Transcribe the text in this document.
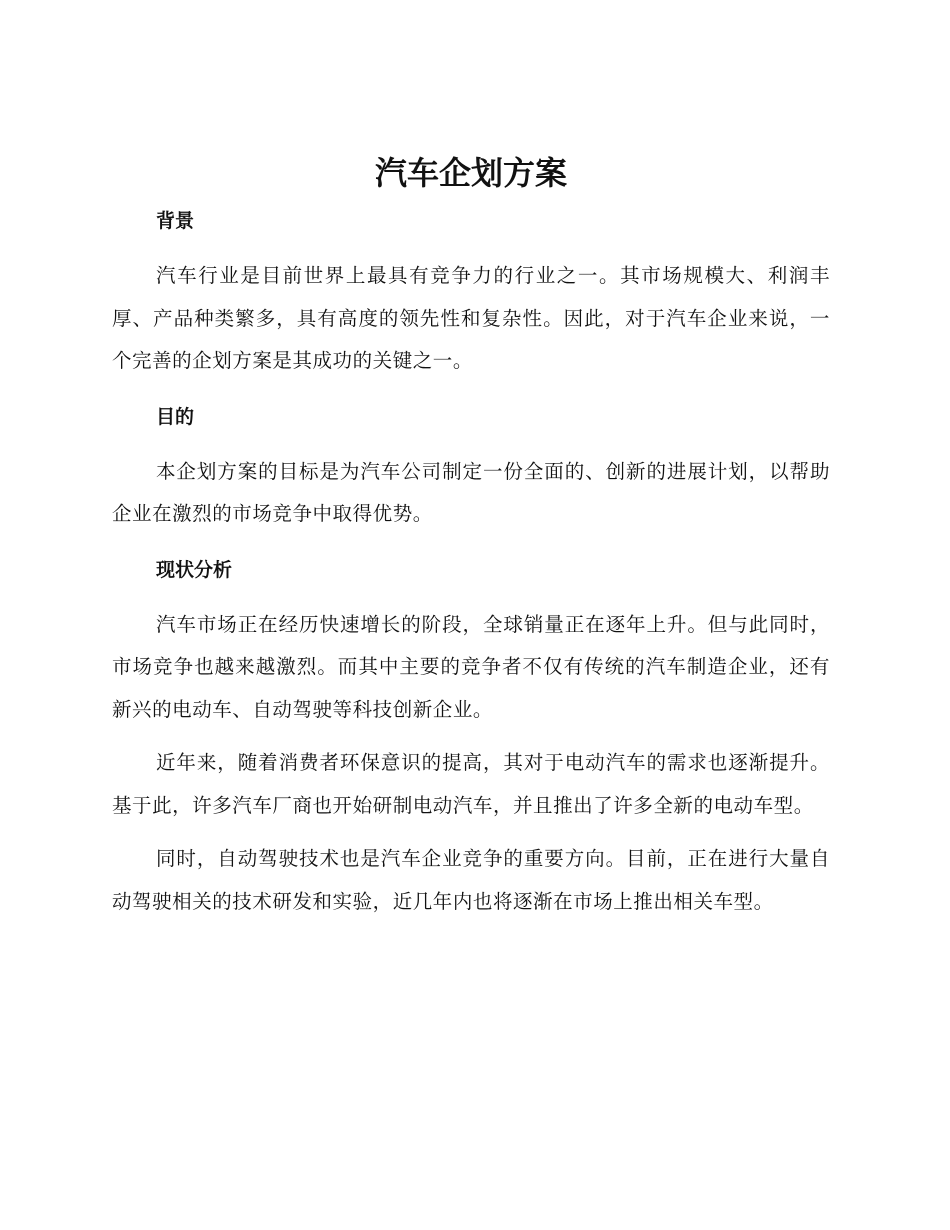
汽车企划方案
背景

汽车行业是目前世界上最具有竞争力的行业之一。其市场规模大、利润丰厚、产品种类繁多，具有高度的领先性和复杂性。因此，对于汽车企业来说，一个完善的企划方案是其成功的关键之一。

目的

本企划方案的目标是为汽车公司制定一份全面的、创新的进展计划，以帮助企业在激烈的市场竞争中取得优势。

现状分析

汽车市场正在经历快速增长的阶段，全球销量正在逐年上升。但与此同时，市场竞争也越来越激烈。而其中主要的竞争者不仅有传统的汽车制造企业，还有新兴的电动车、自动驾驶等科技创新企业。

近年来，随着消费者环保意识的提高，其对于电动汽车的需求也逐渐提升。基于此，许多汽车厂商也开始研制电动汽车，并且推出了许多全新的电动车型。

同时，自动驾驶技术也是汽车企业竞争的重要方向。目前，正在进行大量自动驾驶相关的技术研发和实验，近几年内也将逐渐在市场上推出相关车型。
